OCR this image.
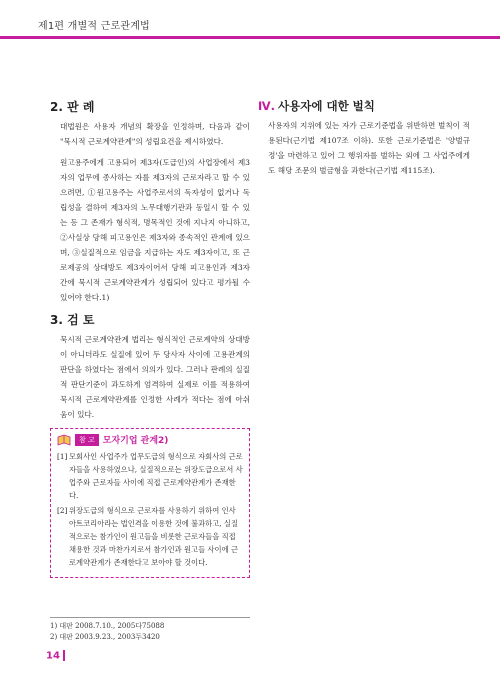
제1편 개별적 근로관계법
2. 판 례

대법원은 사용자 개념의 확장을 인정하며, 다음과 같이 "묵시적 근로계약관계"의 성립요건을 제시하였다.

원고용주에게 고용되어 제3자(도급인)의 사업장에서 제3자의 업무에 종사하는 자를 제3자의 근로자라고 할 수 있으려면, ①원고용주는 사업주로서의 독자성이 없거나 독립성을 결하여 제3자의 노무대행기관과 동일시 할 수 있는 등 그 존재가 형식적, 명목적인 것에 지나지 아니하고, ②사실상 당해 피고용인은 제3자와 종속적인 관계에 있으며, ③실질적으로 임금을 지급하는 자도 제3자이고, 또 근로제공의 상대방도 제3자이어서 당해 피고용인과 제3자 간에 묵시적 근로계약관계가 성립되어 있다고 평가될 수 있어야 한다.1)

3. 검 토

묵시적 근로계약관계 법리는 형식적인 근로계약의 상대방이 아니더라도 실질에 있어 두 당사자 사이에 고용관계의 판단을 하였다는 점에서 의의가 있다. 그러나 판례의 실질적 판단기준이 과도하게 엄격하여 실제로 이를 적용하여 묵시적 근로계약관계를 인정한 사례가 적다는 점에 아쉬움이 있다.

참 고 모자기업 관계2)
[1] 모회사인 사업주가 업무도급의 형식으로 자회사의 근로자들을 사용하였으나, 실질적으로는 위장도급으로서 사업주와 근로자들 사이에 직접 근로계약관계가 존재한다.
[2] 위장도급의 형식으로 근로자를 사용하기 위하여 인사 아트코리아라는 법인격을 이용한 것에 불과하고, 실질적으로는 참가인이 원고들을 비롯한 근로자들을 직접 채용한 것과 마찬가지로서 참가인과 원고들 사이에 근로계약관계가 존재한다고 보아야 할 것이다.
Ⅳ. 사용자에 대한 벌칙

사용자의 지위에 있는 자가 근로기준법을 위반하면 벌칙이 적용된다(근기법 제107조 이하). 또한 근로기준법은 '양벌규정'을 마련하고 있어 그 행위자를 벌하는 외에 그 사업주에게도 해당 조문의 벌금형을 과한다(근기법 제115조).

1) 대판 2008.7.10., 2005다75088
2) 대판 2003.9.23., 2003두3420
14
